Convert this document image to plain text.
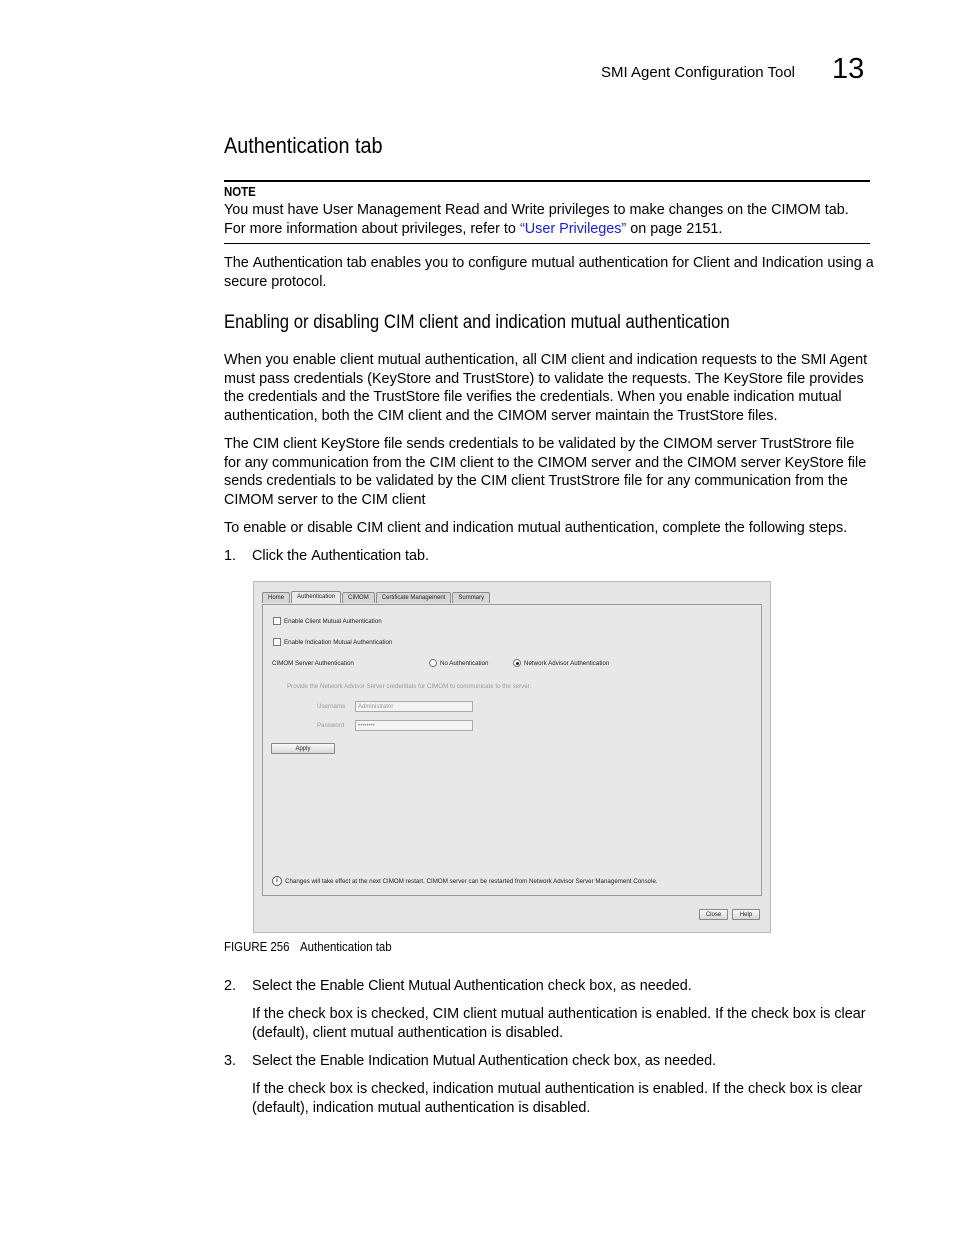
SMI Agent Configuration Tool 13
Authentication tab
NOTE
You must have User Management Read and Write privileges to make changes on the CIMOM tab.
For more information about privileges, refer to “User Privileges” on page 2151.
The Authentication tab enables you to configure mutual authentication for Client and Indication using a secure protocol.
Enabling or disabling CIM client and indication mutual authentication
When you enable client mutual authentication, all CIM client and indication requests to the SMI Agent must pass credentials (KeyStore and TrustStore) to validate the requests. The KeyStore file provides the credentials and the TrustStore file verifies the credentials. When you enable indication mutual authentication, both the CIM client and the CIMOM server maintain the TrustStore files.
The CIM client KeyStore file sends credentials to be validated by the CIMOM server TrustStrore file for any communication from the CIM client to the CIMOM server and the CIMOM server KeyStore file sends credentials to be validated by the CIM client TrustStrore file for any communication from the CIMOM server to the CIM client
To enable or disable CIM client and indication mutual authentication, complete the following steps.
1. Click the Authentication tab.
Home	Authentication	CIMOM	Certificate Management	Summary
Enable Client Mutual Authentication
Enable Indication Mutual Authentication
CIMOM Server Authentication	No Authentication	Network Advisor Authentication
Provide the Network Advisor Server credentials for CIMOM to communicate to the server.
Username	Administrator
Password	••••••••
Apply
i	Changes will take effect at the next CIMOM restart. CIMOM server can be restarted from Network Advisor Server Management Console.
Close	Help
FIGURE 256 Authentication tab
2. Select the Enable Client Mutual Authentication check box, as needed.
If the check box is checked, CIM client mutual authentication is enabled. If the check box is clear (default), client mutual authentication is disabled.
3. Select the Enable Indication Mutual Authentication check box, as needed.
If the check box is checked, indication mutual authentication is enabled. If the check box is clear (default), indication mutual authentication is disabled.
